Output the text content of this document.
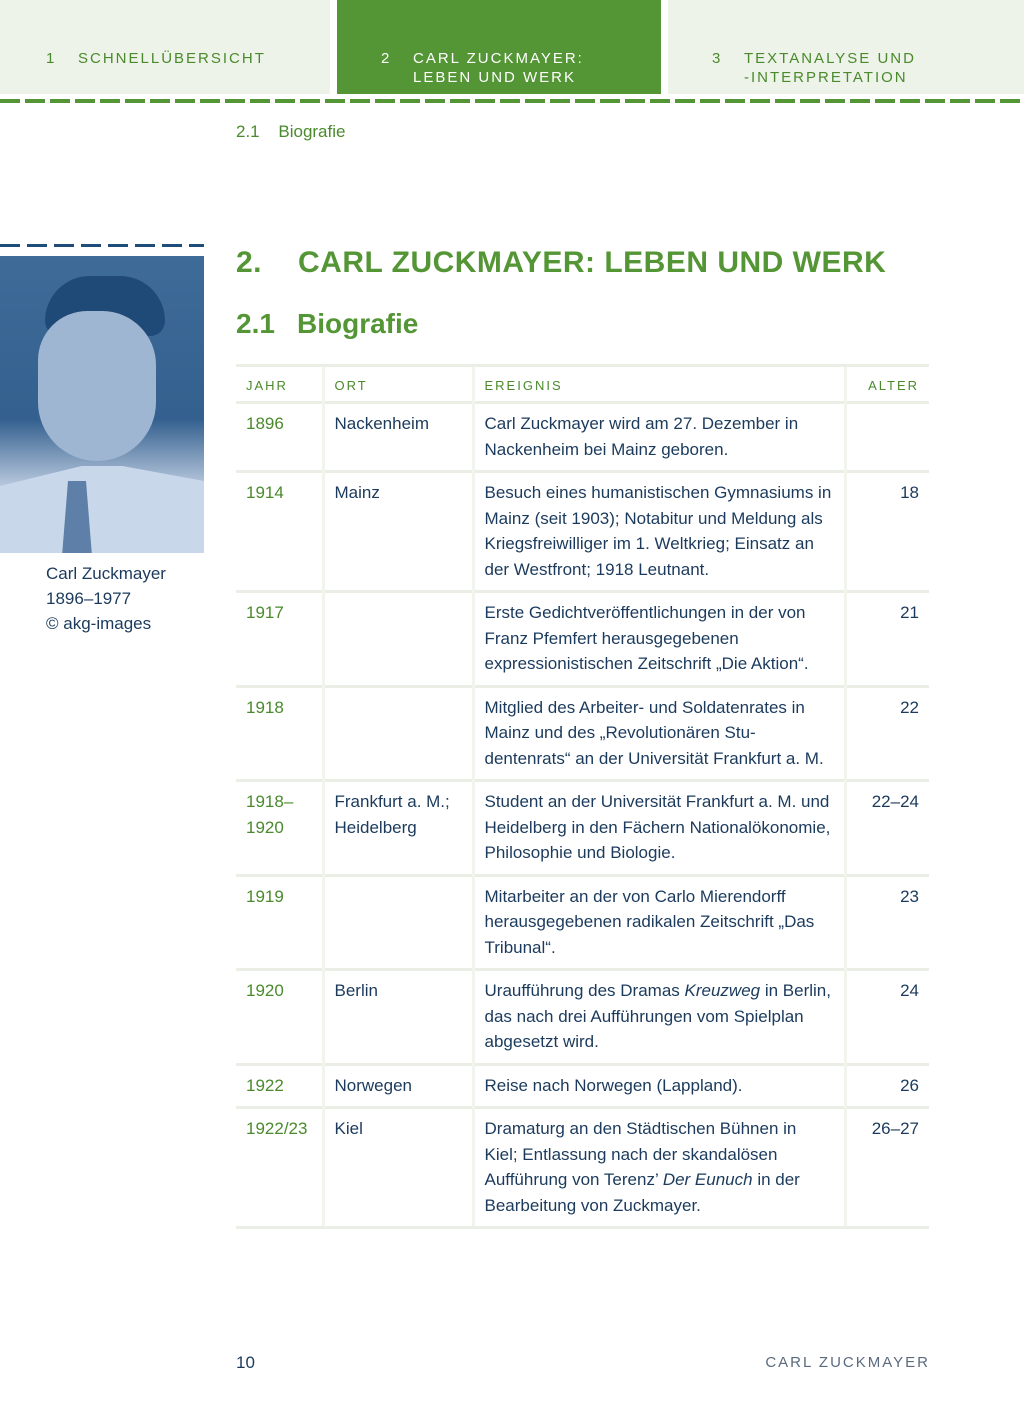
1 SCHNELLÜBERSICHT	2 CARL ZUCKMAYER:
LEBEN UND WERK
3 TEXTANALYSE UND
-INTERPRETATION
2.1 Biografie
Carl Zuckmayer
1896–1977
© akg-images
2. CARL ZUCKMAYER: LEBEN UND WERK
2.1 Biografie
JAHR	ORT	EREIGNIS	ALTER
1896	Nackenheim	Carl Zuckmayer wird am 27. Dezember in Nackenheim bei Mainz geboren.	
1914	Mainz	Besuch eines humanistischen Gymnasiums in Mainz (seit 1903); Notabitur und Meldung als Kriegsfreiwilliger im 1. Weltkrieg; Einsatz an der Westfront; 1918 Leutnant.	18
1917		Erste Gedichtveröffentlichungen in der von Franz Pfemfert herausgegebenen expressionistischen Zeitschrift „Die Aktion“.	21
1918		Mitglied des Arbeiter- und Soldatenrates in Mainz und des „Revolutionären Studentenrats“ an der Universität Frankfurt a. M.	22
1918–1920	Frankfurt a. M.; Heidelberg	Student an der Universität Frankfurt a. M. und Heidelberg in den Fächern Nationalökonomie, Philosophie und Biologie.	22–24
1919		Mitarbeiter an der von Carlo Mierendorff herausgegebenen radikalen Zeitschrift „Das Tribunal“.	23
1920	Berlin	Uraufführung des Dramas Kreuzweg in Berlin, das nach drei Aufführungen vom Spielplan abgesetzt wird.	24
1922	Norwegen	Reise nach Norwegen (Lappland).	26
1922/23	Kiel	Dramaturg an den Städtischen Bühnen in Kiel; Entlassung nach der skandalösen Aufführung von Terenz’ Der Eunuch in der Bearbeitung von Zuckmayer.	26–27
10	CARL ZUCKMAYER
